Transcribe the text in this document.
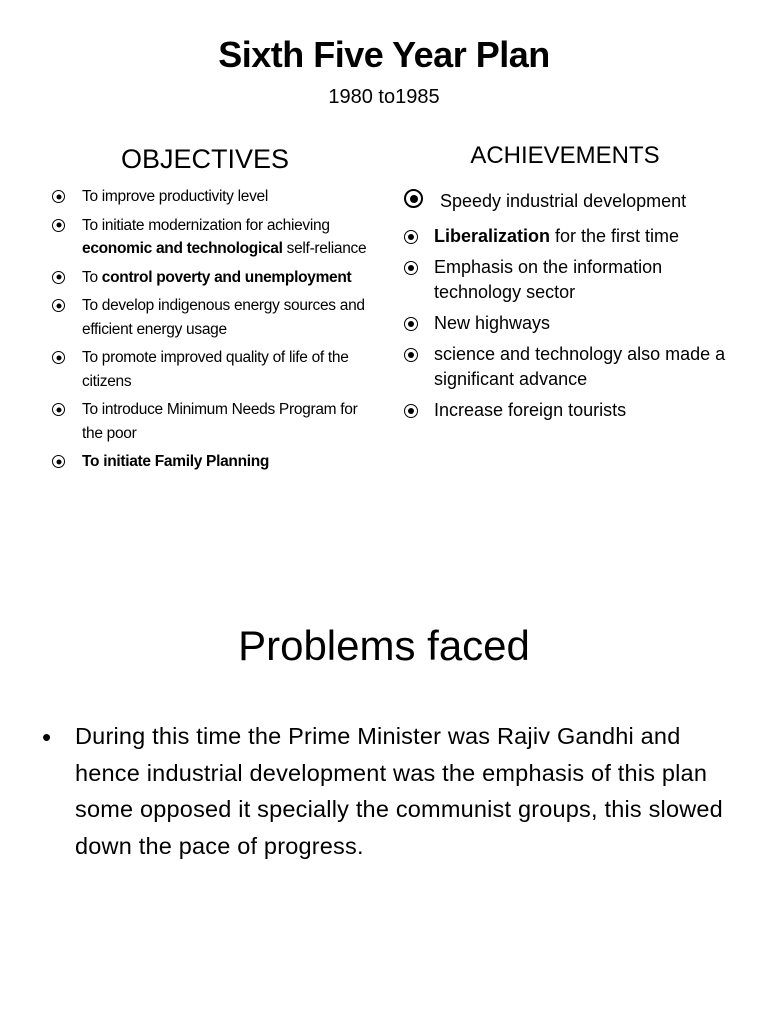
Sixth Five Year Plan
1980 to1985
OBJECTIVES
To improve productivity level
To initiate modernization for achieving economic and technological self-reliance
To control poverty and unemployment
To develop indigenous energy sources and efficient energy usage
To promote improved quality of life of the citizens
To introduce Minimum Needs Program for the poor
To initiate Family Planning
ACHIEVEMENTS
Speedy industrial development
Liberalization for the first time
Emphasis on the information technology sector
New highways
science and technology also made a significant advance
Increase foreign tourists
Problems faced
• During this time the Prime Minister was Rajiv Gandhi and hence industrial development was the emphasis of this plan some opposed it specially the communist groups, this slowed down the pace of progress.
